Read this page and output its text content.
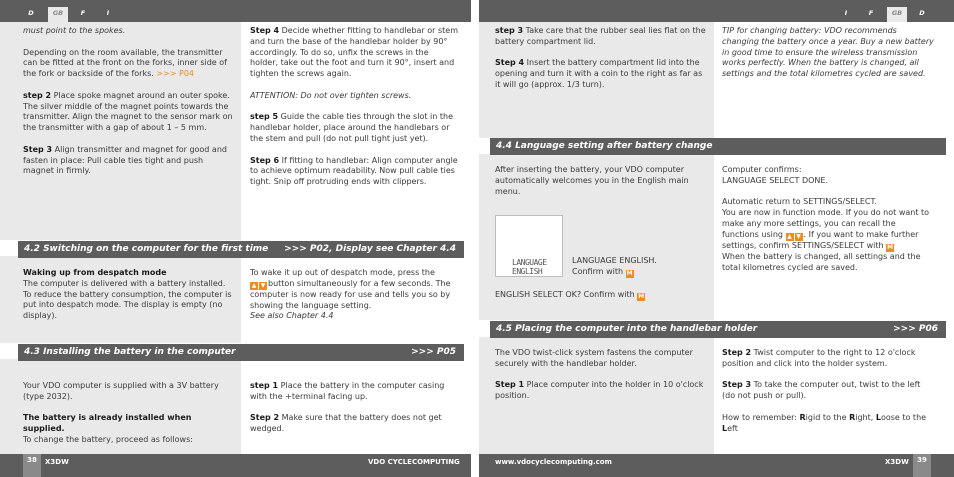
D	GB	F	I	I	F	GB	D

must point to the spokes.

Depending on the room available, the transmitter can be fitted at the front on the forks, inner side of the fork or backside of the forks. >>> P04

step 2 Place spoke magnet around an outer spoke. The silver middle of the magnet points towards the transmitter. Align the magnet to the sensor mark on the transmitter with a gap of about 1 – 5 mm.

Step 3 Align transmitter and magnet for good and fasten in place: Pull cable ties tight and push magnet in firmly.

Step 4 Decide whether fitting to handlebar or stem and turn the base of the handlebar holder by 90° accordingly. To do so, unfix the screws in the holder, take out the foot and turn it 90°, insert and tighten the screws again.

ATTENTION: Do not over tighten screws.

step 5 Guide the cable ties through the slot in the handlebar holder, place around the handlebars or the stem and pull (do not pull tight just yet).

Step 6 If fitting to handlebar: Align computer angle to achieve optimum readability. Now pull cable ties tight. Snip off protruding ends with clippers.

4.2 Switching on the computer for the first time >>> P02, Display see Chapter 4.4

Waking up from despatch mode

The computer is delivered with a battery installed. To reduce the battery consumption, the computer is put into despatch mode. The display is empty (no display).

To wake it up out of despatch mode, press the
▲ ▼ button simultaneously for a few seconds. The computer is now ready for use and tells you so by showing the language setting.

See also Chapter 4.4

4.3 Installing the battery in the computer	>>> P05

Your VDO computer is supplied with a 3V battery (type 2032).

The battery is already installed when supplied.

To change the battery, proceed as follows:

step 1 Place the battery in the computer casing with the +terminal facing up.

Step 2 Make sure that the battery does not get wedged.

step 3 Take care that the rubber seal lies flat on the battery compartment lid.

Step 4 Insert the battery compartment lid into the opening and turn it with a coin to the right as far as it will go (approx. 1/3 turn).

TIP for changing battery: VDO recommends changing the battery once a year. Buy a new battery in good time to ensure the wireless transmission works perfectly. When the battery is changed, all settings and the total kilometres cycled are saved.

4.4 Language setting after battery change

After inserting the battery, your VDO computer automatically welcomes you in the English main menu.

LANGUAGE
ENGLISH

LANGUAGE ENGLISH.

Confirm with M

ENGLISH SELECT OK? Confirm with M

Computer confirms:

LANGUAGE SELECT DONE.

Automatic return to SETTINGS/SELECT.

You are now in function mode. If you do not want to make any more settings, you can recall the functions using ▲ ▼ . If you want to make further settings, confirm SETTINGS/SELECT with M

When the battery is changed, all settings and the total kilometres cycled are saved.

4.5 Placing the computer into the handlebar holder	>>> P06

The VDO twist-click system fastens the computer securely with the handlebar holder.

Step 1 Place computer into the holder in 10 o'clock position.

Step 2 Twist computer to the right to 12 o'clock position and click into the holder system.

Step 3 To take the computer out, twist to the left (do not push or pull).

How to remember: Rigid to the Right, Loose to the Left

38	X3DW	VDO CYCLECOMPUTING	www.vdocyclecomputing.com	X3DW	39
